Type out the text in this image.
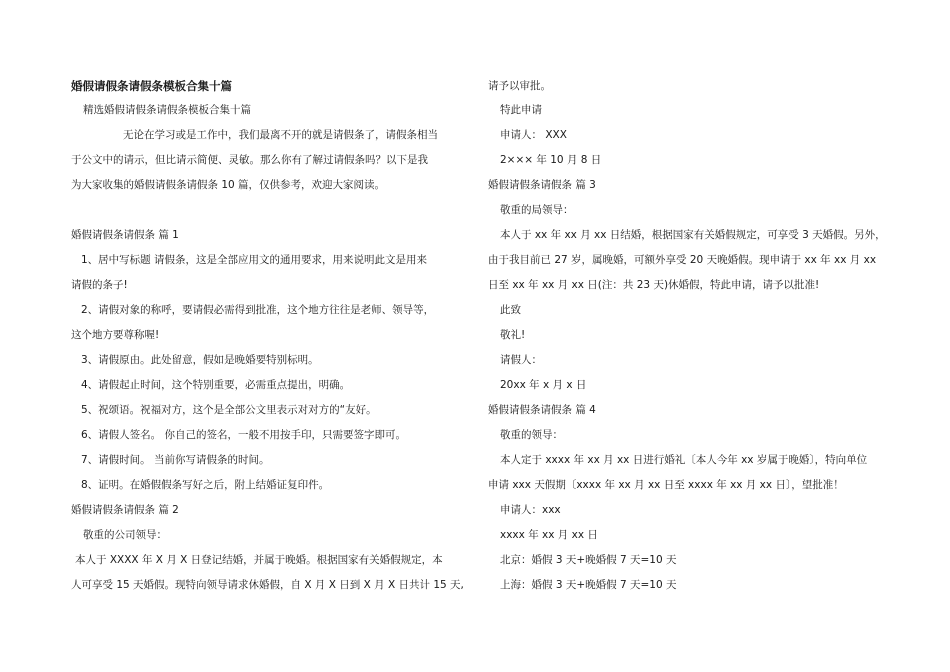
婚假请假条请假条模板合集十篇
精选婚假请假条请假条模板合集十篇
无论在学习或是工作中，我们最离不开的就是请假条了，请假条相当
于公文中的请示，但比请示简便、灵敏。那么你有了解过请假条吗？以下是我
为大家收集的婚假请假条请假条 10 篇，仅供参考，欢迎大家阅读。
婚假请假条请假条 篇 1
1、居中写标题 请假条，这是全部应用文的通用要求，用来说明此文是用来
请假的条子!
2、请假对象的称呼，要请假必需得到批准，这个地方往往是老师、领导等，
这个地方要尊称喔!
3、请假原由。此处留意，假如是晚婚要特别标明。
4、请假起止时间，这个特别重要，必需重点提出，明确。
5、祝颂语。祝福对方，这个是全部公文里表示对对方的“友好。
6、请假人签名。 你自己的签名，一般不用按手印，只需要签字即可。
7、请假时间。 当前你写请假条的时间。
8、证明。在婚假假条写好之后，附上结婚证复印件。
婚假请假条请假条 篇 2
敬重的公司领导：
本人于 XXXX 年 X 月 X 日登记结婚，并属于晚婚。根据国家有关婚假规定，本
人可享受 15 天婚假。现特向领导请求休婚假，自 X 月 X 日到 X 月 X 日共计 15 天,
请予以审批。
特此申请
申请人： XXX
2××× 年 10 月 8 日
婚假请假条请假条 篇 3
敬重的局领导：
本人于 xx 年 xx 月 xx 日结婚，根据国家有关婚假规定，可享受 3 天婚假。另外，
由于我目前已 27 岁，属晚婚，可额外享受 20 天晚婚假。现申请于 xx 年 xx 月 xx
日至 xx 年 xx 月 xx 日(注：共 23 天)休婚假，特此申请，请予以批准!
此致
敬礼!
请假人：
20xx 年 x 月 x 日
婚假请假条请假条 篇 4
敬重的领导：
本人定于 xxxx 年 xx 月 xx 日进行婚礼〔本人今年 xx 岁属于晚婚〕，特向单位
申请 xxx 天假期〔xxxx 年 xx 月 xx 日至 xxxx 年 xx 月 xx 日〕，望批准！
申请人：xxx
xxxx 年 xx 月 xx 日
北京：婚假 3 天+晚婚假 7 天=10 天
上海：婚假 3 天+晚婚假 7 天=10 天
